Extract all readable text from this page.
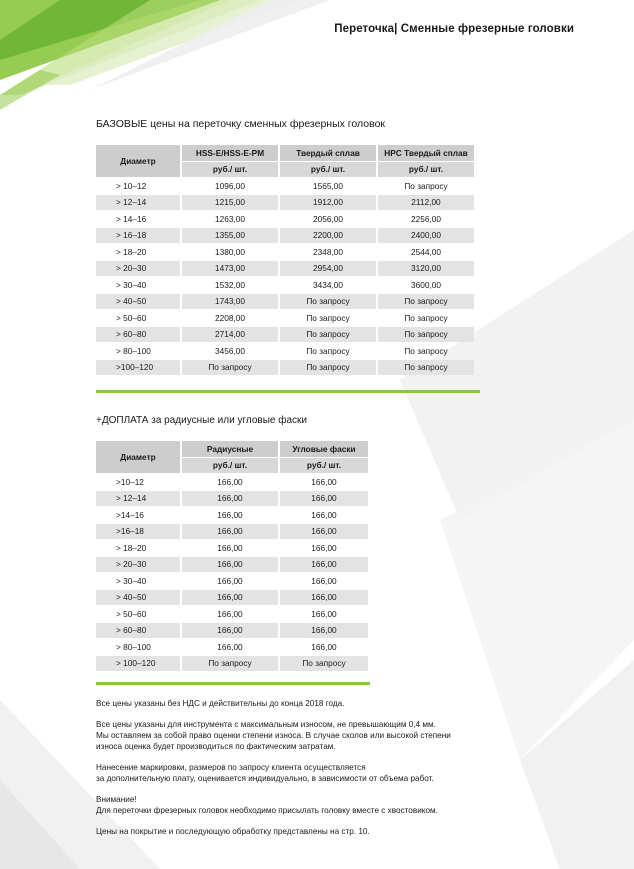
Переточка| Сменные фрезерные головки
БАЗОВЫЕ цены на переточку сменных фрезерных головок
Диаметр	HSS-E/HSS-E-PM	Твердый сплав	HPC Твердый сплав
	руб./ шт.	руб./ шт.	руб./ шт.
> 10–12	1096,00	1565,00	По запросу
> 12–14	1215,00	1912,00	2112,00
> 14–16	1263,00	2056,00	2256,00
> 16–18	1355,00	2200,00	2400,00
> 18–20	1380,00	2348,00	2544,00
> 20–30	1473,00	2954,00	3120,00
> 30–40	1532,00	3434,00	3600,00
> 40–50	1743,00	По запросу	По запросу
> 50–60	2208,00	По запросу	По запросу
> 60–80	2714,00	По запросу	По запросу
> 80–100	3456,00	По запросу	По запросу
>100–120	По запросу	По запросу	По запросу
+ДОПЛАТА за радиусные или угловые фаски
Диаметр	Радиусные	Угловые фаски
	руб./ шт.	руб./ шт.
>10–12	166,00	166,00
> 12–14	166,00	166,00
>14–16	166,00	166,00
>16–18	166,00	166,00
> 18–20	166,00	166,00
> 20–30	166,00	166,00
> 30–40	166,00	166,00
> 40–50	166,00	166,00
> 50–60	166,00	166,00
> 60–80	166,00	166,00
> 80–100	166,00	166,00
> 100–120	По запросу	По запросу

Все цены указаны без НДС и действительны до конца 2018 года.

Все цены указаны для инструмента с максимальным износом, не превышающим 0,4 мм.
Мы оставляем за собой право оценки степени износа. В случае сколов или высокой степени
износа оценка будет производиться по фактическим затратам.

Нанесение маркировки, размеров по запросу клиента осуществляется
за дополнительную плату, оценивается индивидуально, в зависимости от объема работ.

Внимание!
Для переточки фрезерных головок необходимо присылать головку вместе с хвостовиком.

Цены на покрытие и последующую обработку представлены на стр. 10.
